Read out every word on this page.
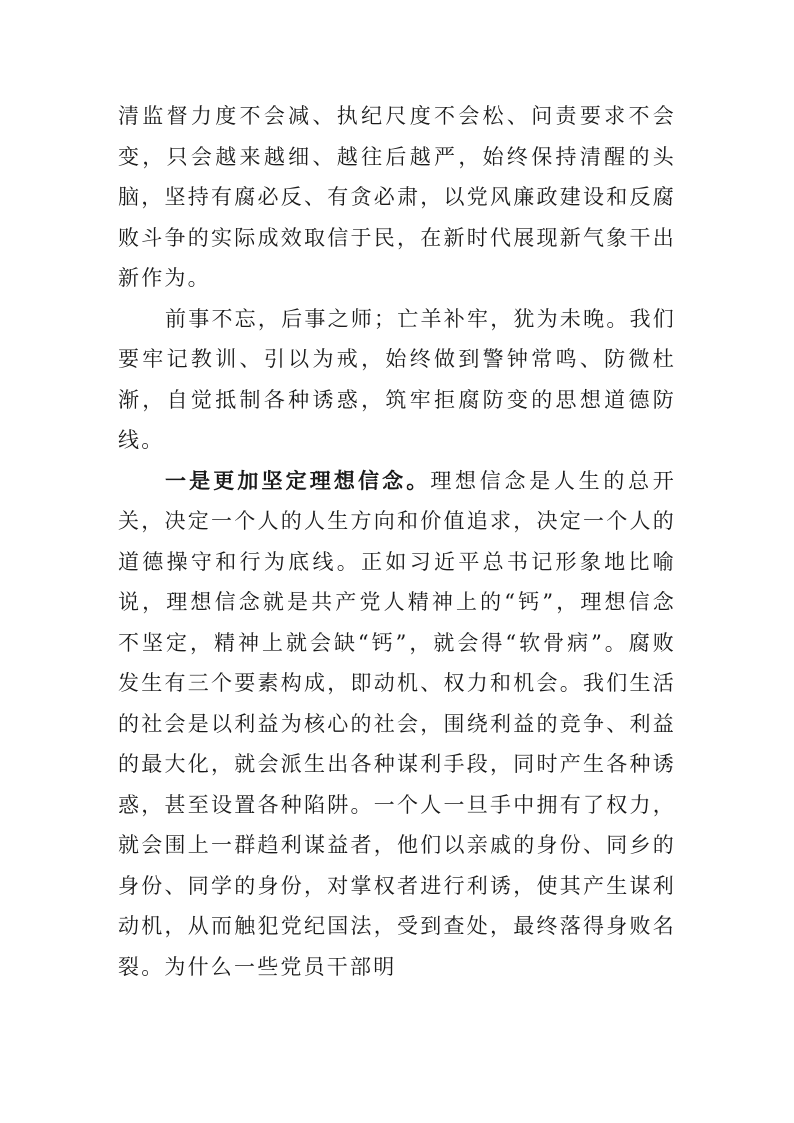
清监督力度不会减、执纪尺度不会松、问责要求不会变，只会越来越细、越往后越严，始终保持清醒的头脑，坚持有腐必反、有贪必肃，以党风廉政建设和反腐败斗争的实际成效取信于民，在新时代展现新气象干出新作为。

前事不忘，后事之师；亡羊补牢，犹为未晚。我们要牢记教训、引以为戒，始终做到警钟常鸣、防微杜渐，自觉抵制各种诱惑，筑牢拒腐防变的思想道德防线。

一是更加坚定理想信念。理想信念是人生的总开关，决定一个人的人生方向和价值追求，决定一个人的道德操守和行为底线。正如习近平总书记形象地比喻说，理想信念就是共产党人精神上的“钙”，理想信念不坚定，精神上就会缺“钙”，就会得“软骨病”。腐败发生有三个要素构成，即动机、权力和机会。我们生活的社会是以利益为核心的社会，围绕利益的竞争、利益的最大化，就会派生出各种谋利手段，同时产生各种诱惑，甚至设置各种陷阱。一个人一旦手中拥有了权力，就会围上一群趋利谋益者，他们以亲戚的身份、同乡的身份、同学的身份，对掌权者进行利诱，使其产生谋利动机，从而触犯党纪国法，受到查处，最终落得身败名裂。为什么一些党员干部明
